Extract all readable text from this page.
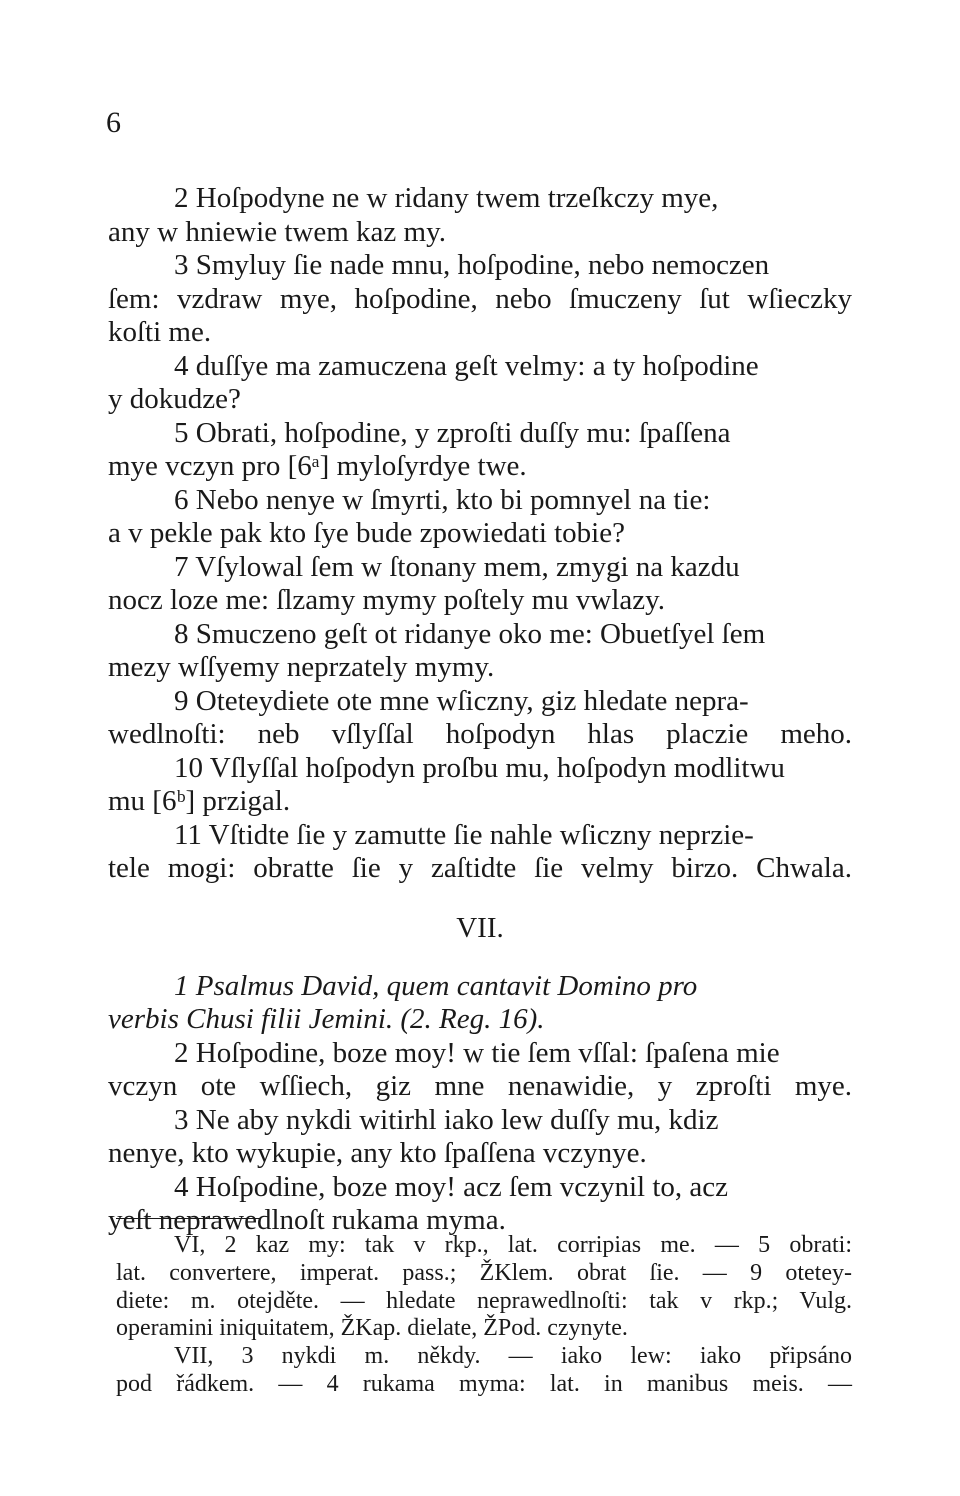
6
2 Hoſpodyne ne w ridany twem trzeſkczy mye,
any w hniewie twem kaz my.
3 Smyluy ſie nade mnu, hoſpodine, nebo nemoczen
ſem: vzdraw mye, hoſpodine, nebo ſmuczeny ſut wſieczky
koſti me.
4 duſſye ma zamuczena geſt velmy: a ty hoſpodine
y dokudze?
5 Obrati, hoſpodine, y zproſti duſſy mu: ſpaſſena
mye vczyn pro [6ᵃ] myloſyrdye twe.
6 Nebo nenye w ſmyrti, kto bi pomnyel na tie:
a v pekle pak kto ſye bude zpowiedati tobie?
7 Vſylowal ſem w ſtonany mem, zmygi na kazdu
nocz loze me: ſlzamy mymy poſtely mu vwlazy.
8 Smuczeno geſt ot ridanye oko me: Obuetſyel ſem
mezy wſſyemy neprzately mymy.
9 Oteteydiete ote mne wſiczny, giz hledate nepra-
wedlnoſti: neb vſlyſſal hoſpodyn hlas placzie meho.
10 Vſlyſſal hoſpodyn proſbu mu, hoſpodyn modlitwu
mu [6ᵇ] przigal.
11 Vſtidte ſie y zamutte ſie nahle wſiczny neprzie-
tele mogi: obratte ſie y zaſtidte ſie velmy birzo. Chwala.
VII.
1 Psalmus David, quem cantavit Domino pro
verbis Chusi filii Jemini. (2. Reg. 16).
2 Hoſpodine, boze moy! w tie ſem vſſal: ſpaſena mie
vczyn ote wſſiech, giz mne nenawidie, y zproſti mye.
3 Ne aby nykdi witirhl iako lew duſſy mu, kdiz
nenye, kto wykupie, any kto ſpaſſena vczynye.
4 Hoſpodine, boze moy! acz ſem vczynil to, acz
yeſt neprawedlnoſt rukama myma.
VI, 2 kaz my: tak v rkp., lat. corripias me. — 5 obrati:
lat. convertere, imperat. pass.; ŽKlem. obrat ſie. — 9 otetey-
diete: m. otejděte. — hledate neprawedlnoſti: tak v rkp.; Vulg.
operamini iniquitatem, ŽKap. dielate, ŽPod. czynyte.
VII, 3 nykdi m. někdy. — iako lew: iako připsáno
pod řádkem. — 4 rukama myma: lat. in manibus meis. —
